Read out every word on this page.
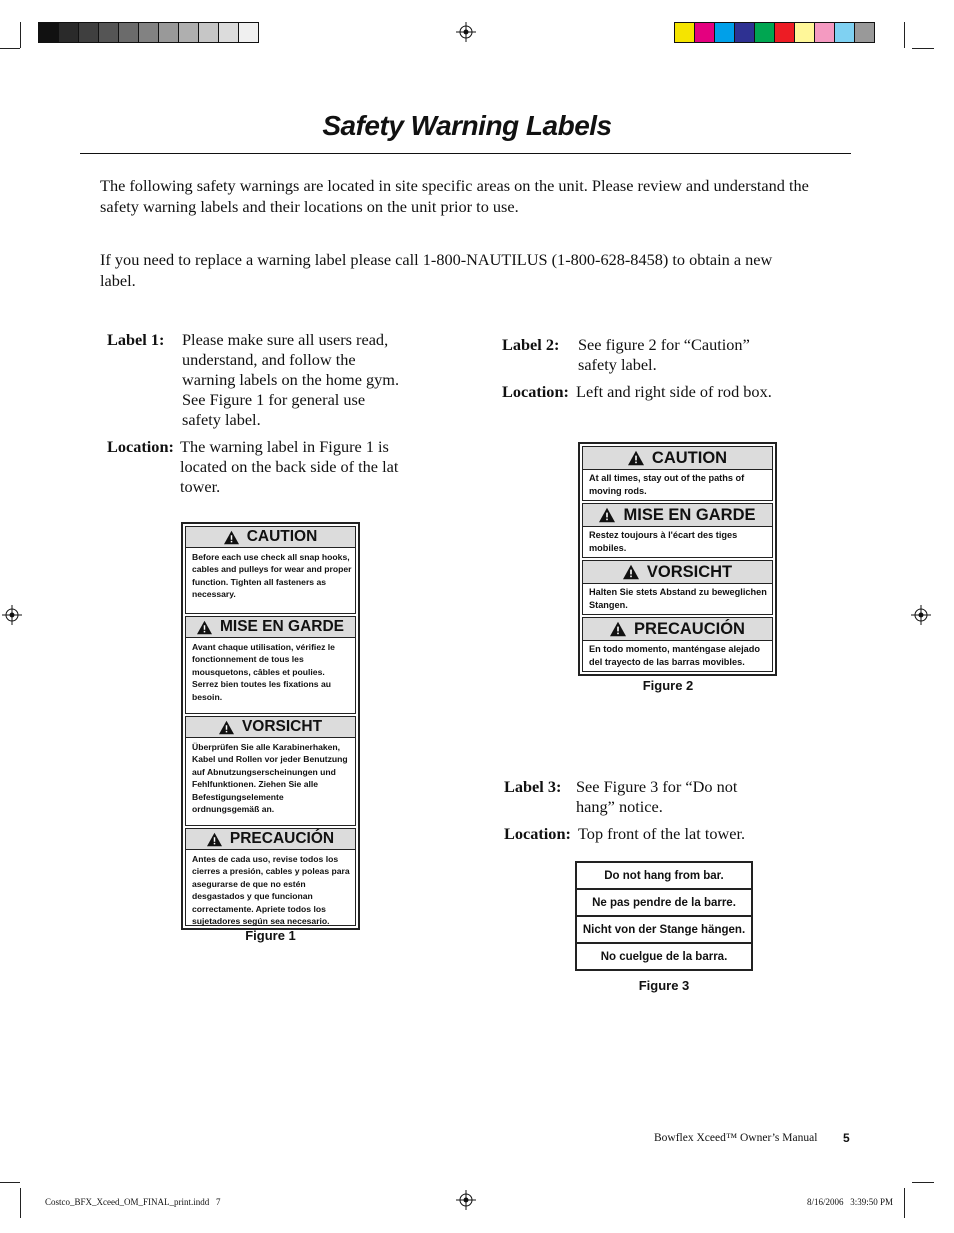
Safety Warning Labels
The following safety warnings are located in site specific areas on the unit. Please review and understand the safety warning labels and their locations on the unit prior to use.
If you need to replace a warning label please call 1-800-NAUTILUS (1-800-628-8458) to obtain a new label.
Label 1: Please make sure all users read, understand, and follow the warning labels on the home gym. See Figure 1 for general use safety label.
Location: The warning label in Figure 1 is located on the back side of the lat tower.
Label 2: See figure 2 for “Caution” safety label.
Location: Left and right side of rod box.
Label 3: See Figure 3 for “Do not hang” notice.
Location: Top front of the lat tower.
CAUTION
Before each use check all snap hooks, cables and pulleys for wear and proper function. Tighten all fasteners as necessary.
MISE EN GARDE
Avant chaque utilisation, vérifiez le fonctionnement de tous les mousquetons, câbles et poulies. Serrez bien toutes les fixations au besoin.
VORSICHT
Überprüfen Sie alle Karabinerhaken, Kabel und Rollen vor jeder Benutzung auf Abnutzungserscheinungen und Fehlfunktionen. Ziehen Sie alle Befestigungselemente ordnungsgemäß an.
PRECAUCIÓN
Antes de cada uso, revise todos los cierres a presión, cables y poleas para asegurarse de que no estén desgastados y que funcionan correctamente. Apriete todos los sujetadores según sea necesario.
Figure 1
CAUTION
At all times, stay out of the paths of moving rods.
MISE EN GARDE
Restez toujours à l'écart des tiges mobiles.
VORSICHT
Halten Sie stets Abstand zu beweglichen Stangen.
PRECAUCIÓN
En todo momento, manténgase alejado del trayecto de las barras movibles.
Figure 2
Do not hang from bar.
Ne pas pendre de la barre.
Nicht von der Stange hängen.
No cuelgue de la barra.
Figure 3
Bowflex Xceed™ Owner’s Manual 5
Costco_BFX_Xceed_OM_FINAL_print.indd   7	8/16/2006   3:39:50 PM
